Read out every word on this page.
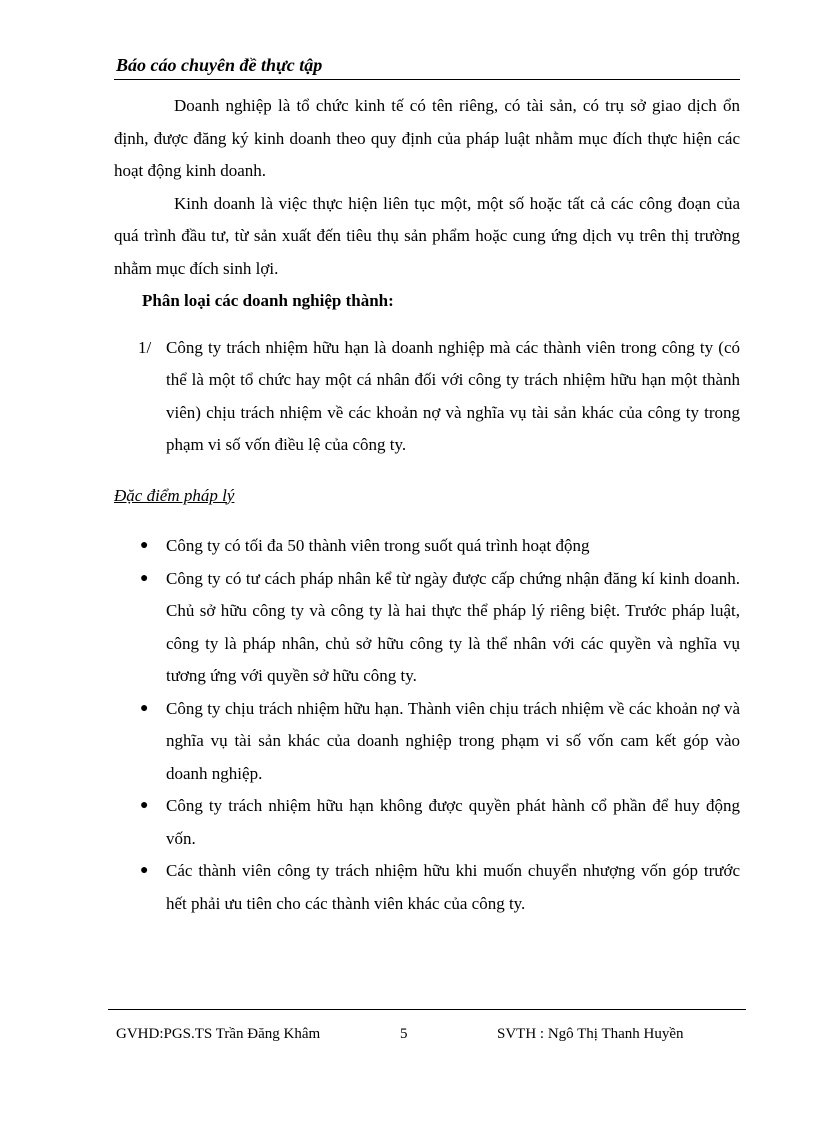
Báo cáo chuyên đề thực tập

Doanh nghiệp là tổ chức kinh tế có tên riêng, có tài sản, có trụ sở giao dịch ổn định, được đăng ký kinh doanh theo quy định của pháp luật nhằm mục đích thực hiện các hoạt động kinh doanh.

Kinh doanh là việc thực hiện liên tục một, một số hoặc tất cả các công đoạn của quá trình đầu tư, từ sản xuất đến tiêu thụ sản phẩm hoặc cung ứng dịch vụ trên thị trường nhằm mục đích sinh lợi.

Phân loại các doanh nghiệp thành:

1/ Công ty trách nhiệm hữu hạn là doanh nghiệp mà các thành viên trong công ty (có thể là một tổ chức hay một cá nhân đối với công ty trách nhiệm hữu hạn một thành viên) chịu trách nhiệm về các khoản nợ và nghĩa vụ tài sản khác của công ty trong phạm vi số vốn điều lệ của công ty.

Đặc điểm pháp lý

● Công ty có tối đa 50 thành viên trong suốt quá trình hoạt động
● Công ty có tư cách pháp nhân kể từ ngày được cấp chứng nhận đăng kí kinh doanh. Chủ sở hữu công ty và công ty là hai thực thể pháp lý riêng biệt. Trước pháp luật, công ty là pháp nhân, chủ sở hữu công ty là thể nhân với các quyền và nghĩa vụ tương ứng với quyền sở hữu công ty.
● Công ty chịu trách nhiệm hữu hạn. Thành viên chịu trách nhiệm về các khoản nợ và nghĩa vụ tài sản khác của doanh nghiệp trong phạm vi số vốn cam kết góp vào doanh nghiệp.
● Công ty trách nhiệm hữu hạn không được quyền phát hành cổ phần để huy động vốn.
● Các thành viên công ty trách nhiệm hữu khi muốn chuyển nhượng vốn góp trước hết phải ưu tiên cho các thành viên khác của công ty.
GVHD:PGS.TS Trần Đăng Khâm	5	SVTH : Ngô Thị Thanh Huyền
